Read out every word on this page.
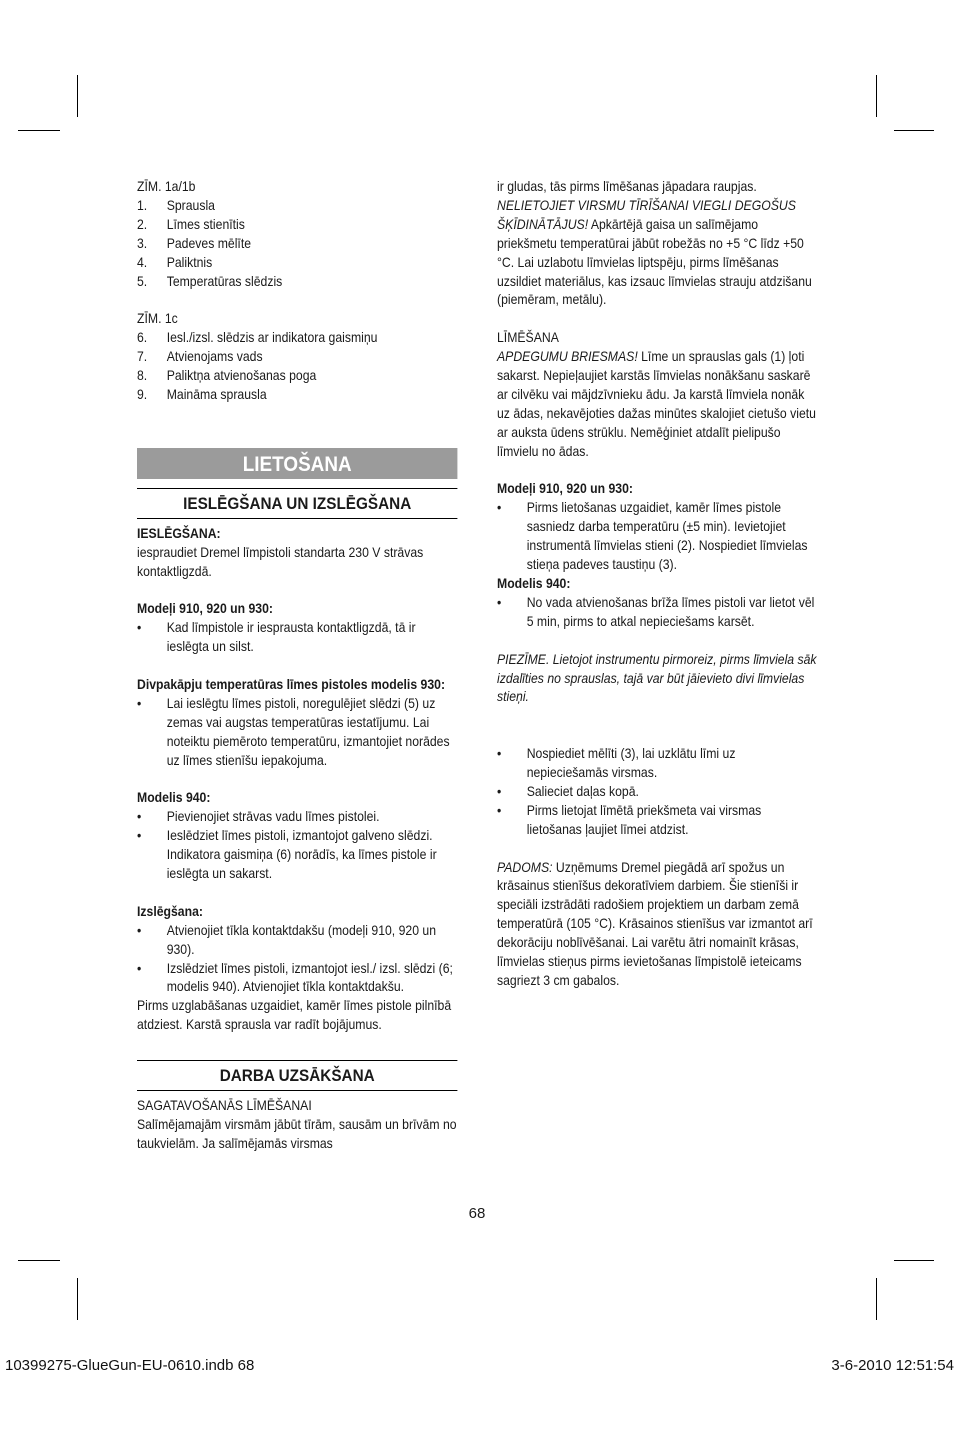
ZĪM. 1a/1b

1.	Sprausla
2.	Līmes stienītis
3.	Padeves mēlīte
4.	Paliktnis
5.	Temperatūras slēdzis

ZĪM. 1c

6.	Iesl./izsl. slēdzis ar indikatora gaismiņu
7.	Atvienojams vads
8.	Paliktņa atvienošanas poga
9.	Maināma sprausla
LIETOŠANA
IESLĒGŠANA UN IZSLĒGŠANA

IESLĒGŠANA:

iespraudiet Dremel līmpistoli standarta 230 V strāvas kontaktligzdā.

Modeļi 910, 920 un 930:

•	Kad līmpistole ir iesprausta kontaktligzdā, tā ir ieslēgta un silst.

Divpakāpju temperatūras līmes pistoles modelis 930:

•	Lai ieslēgtu līmes pistoli, noregulējiet slēdzi (5) uz zemas vai augstas temperatūras iestatījumu. Lai noteiktu piemēroto temperatūru, izmantojiet norādes uz līmes stienīšu iepakojuma.

Modelis 940:

•	Pievienojiet strāvas vadu līmes pistolei.
•	Ieslēdziet līmes pistoli, izmantojot galveno slēdzi. Indikatora gaismiņa (6) norādīs, ka līmes pistole ir ieslēgta un sakarst.

Izslēgšana:

•	Atvienojiet tīkla kontaktdakšu (modeļi 910, 920 un 930).
•	Izslēdziet līmes pistoli, izmantojot iesl./ izsl. slēdzi (6; modelis 940). Atvienojiet tīkla kontaktdakšu.

Pirms uzglabāšanas uzgaidiet, kamēr līmes pistole pilnībā atdziest. Karstā sprausla var radīt bojājumus.

DARBA UZSĀKŠANA

SAGATAVOŠANĀS LĪMĒŠANAI

Salīmējamajām virsmām jābūt tīrām, sausām un brīvām no taukvielām. Ja salīmējamās virsmas

ir gludas, tās pirms līmēšanas jāpadara raupjas.

NELIETOJIET VIRSMU TĪRĪŠANAI VIEGLI DEGOŠUS ŠĶĪDINĀTĀJUS! Apkārtējā gaisa un salīmējamo priekšmetu temperatūrai jābūt robežās no +5 °C līdz +50 °C. Lai uzlabotu līmvielas liptspēju, pirms līmēšanas uzsildiet materiālus, kas izsauc līmvielas strauju atdzišanu (piemēram, metālu).

LĪMĒŠANA

APDEGUMU BRIESMAS! Līme un sprauslas gals (1) ļoti sakarst. Nepieļaujiet karstās līmvielas nonākšanu saskarē ar cilvēku vai mājdzīvnieku ādu. Ja karstā līmviela nonāk uz ādas, nekavējoties dažas minūtes skalojiet cietušo vietu ar auksta ūdens strūklu. Nemēģiniet atdalīt pielipušo līmvielu no ādas.

Modeļi 910, 920 un 930:

•	Pirms lietošanas uzgaidiet, kamēr līmes pistole sasniedz darba temperatūru (±5 min). Ievietojiet instrumentā līmvielas stieni (2). Nospiediet līmvielas stieņa padeves taustiņu (3).

Modelis 940:

•	No vada atvienošanas brīža līmes pistoli var lietot vēl 5 min, pirms to atkal nepieciešams karsēt.

PIEZĪME. Lietojot instrumentu pirmoreiz, pirms līmviela sāk

izdalīties no sprauslas, tajā var būt jāievieto divi līmvielas stieņi.

•	Nospiediet mēlīti (3), lai uzklātu līmi uz nepieciešamās virsmas.
•	Salieciet daļas kopā.
•	Pirms lietojat līmētā priekšmeta vai virsmas lietošanas ļaujiet līmei atdzist.

PADOMS: Uzņēmums Dremel piegādā arī spožus un krāsainus stienīšus dekoratīviem darbiem. Šie stienīši ir speciāli izstrādāti radošiem projektiem un darbam zemā temperatūrā (105 °C). Krāsainos stienīšus var izmantot arī dekorāciju noblīvēšanai. Lai varētu ātri nomainīt krāsas, līmvielas stieņus pirms ievietošanas līmpistolē ieteicams sagriezt 3 cm gabalos.

68
10399275-GlueGun-EU-0610.indb 68	3-6-2010 12:51:54
